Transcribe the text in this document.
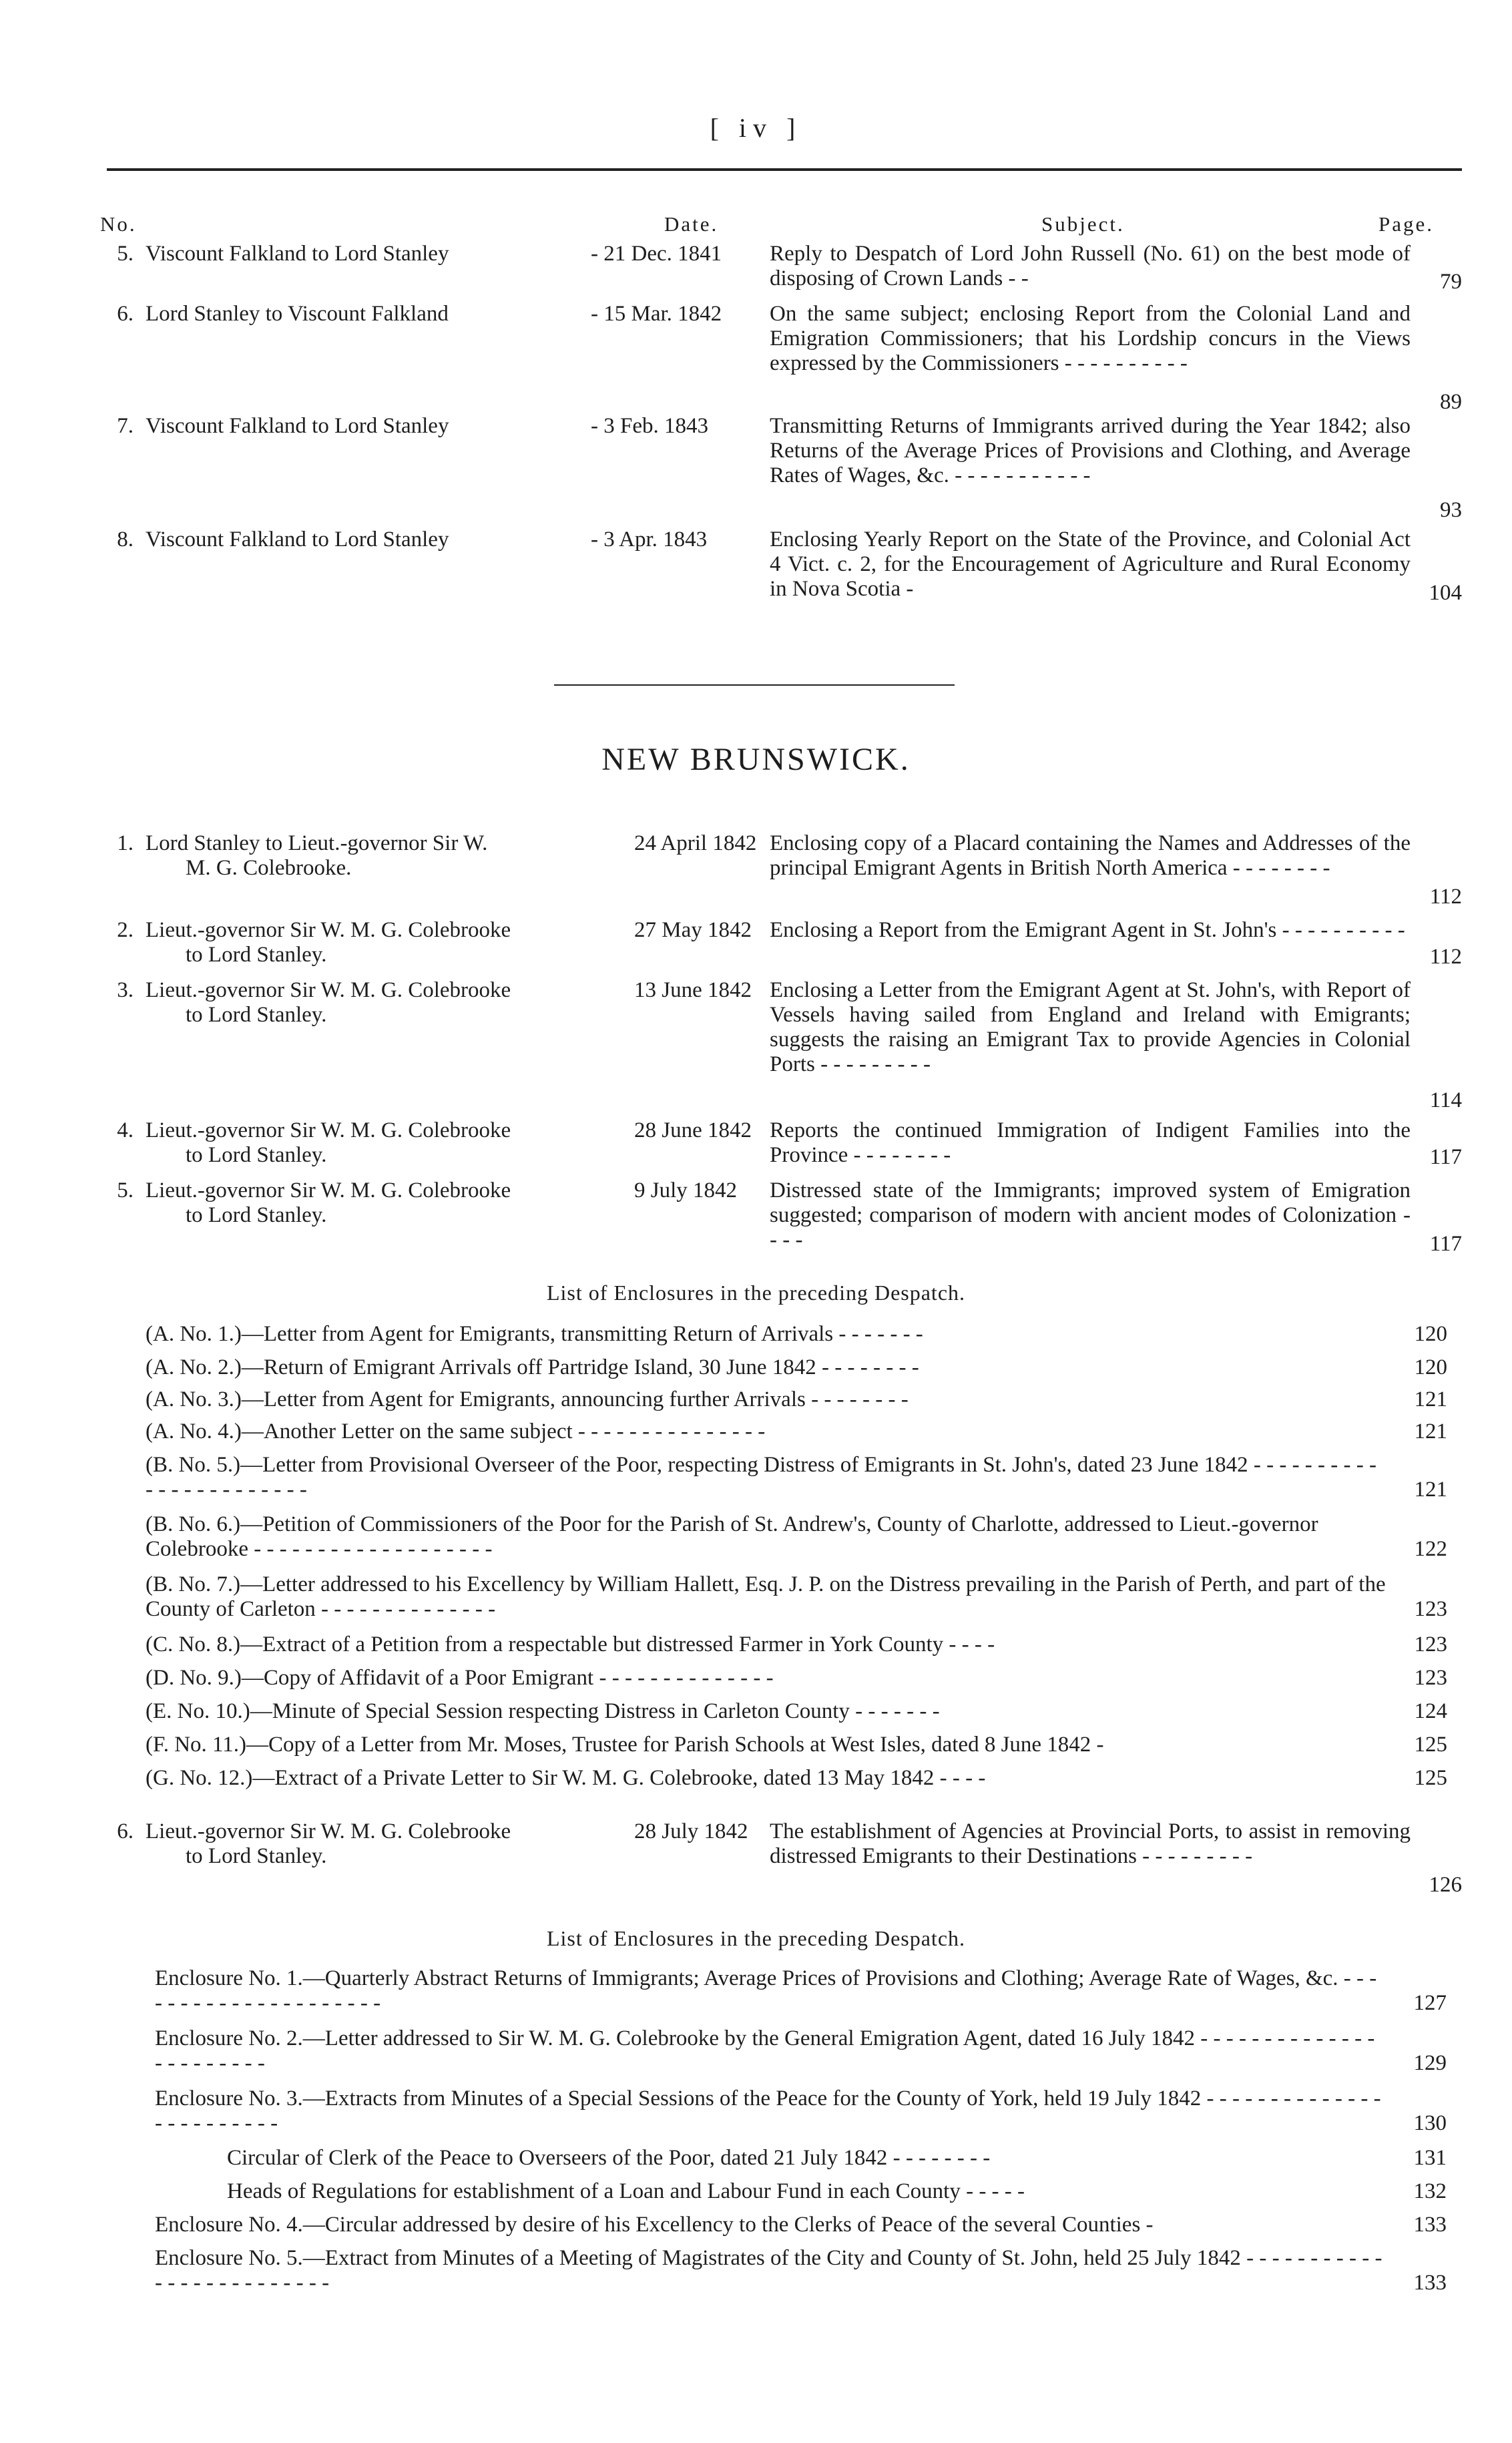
[ iv ]
No.	Date.	Subject.	Page.
5. Viscount Falkland to Lord Stanley	- 21 Dec. 1841	Reply to Despatch of Lord John Russell (No. 61) on the best mode of disposing of Crown Lands - -	79
6. Lord Stanley to Viscount Falkland	- 15 Mar. 1842	On the same subject; enclosing Report from the Colonial Land and Emigration Commissioners; that his Lordship concurs in the Views expressed by the Commissioners - - - - - - - - - -
89
7. Viscount Falkland to Lord Stanley	- 3 Feb. 1843	Transmitting Returns of Immigrants arrived during the Year 1842; also Returns of the Average Prices of Provisions and Clothing, and Average Rates of Wages, &c. - - - - - - - - - - -
93
8. Viscount Falkland to Lord Stanley	- 3 Apr. 1843	Enclosing Yearly Report on the State of the Province, and Colonial Act 4 Vict. c. 2, for the Encouragement of Agriculture and Rural Economy in Nova Scotia -	104
NEW BRUNSWICK.
1. Lord Stanley to Lieut.-governor Sir W.
M. G. Colebrooke.
24 April 1842 Enclosing copy of a Placard containing the Names and Addresses of the principal Emigrant Agents in British North America - - - - - - - -
112
2. Lieut.-governor Sir W. M. G. Colebrooke
to Lord Stanley.
27 May 1842 Enclosing a Report from the Emigrant Agent in St. John's - - - - - - - - - -
112
3. Lieut.-governor Sir W. M. G. Colebrooke
to Lord Stanley.
13 June 1842 Enclosing a Letter from the Emigrant Agent at St. John's, with Report of Vessels having sailed from England and Ireland with Emigrants; suggests the raising an Emigrant Tax to provide Agencies in Colonial Ports - - - - - - - - -
114
4. Lieut.-governor Sir W. M. G. Colebrooke
to Lord Stanley.
28 June 1842 Reports the continued Immigration of Indigent Families into the Province - - - - - - - -	117
5. Lieut.-governor Sir W. M. G. Colebrooke
to Lord Stanley.
9 July 1842	Distressed state of the Immigrants; improved system of Emigration suggested; comparison of modern with ancient modes of Colonization - - - -	117
List of Enclosures in the preceding Despatch.
(A. No. 1.)—Letter from Agent for Emigrants, transmitting Return of Arrivals - - - - - - -	120
(A. No. 2.)—Return of Emigrant Arrivals off Partridge Island, 30 June 1842 - - - - - - - -	120
(A. No. 3.)—Letter from Agent for Emigrants, announcing further Arrivals - - - - - - - -	121
(A. No. 4.)—Another Letter on the same subject - - - - - - - - - - - - - - -	121
(B. No. 5.)—Letter from Provisional Overseer of the Poor, respecting Distress of Emigrants in St. John's, dated 23 June 1842 - - - - - - - - - - - - - - - - - - - - - - -	121
(B. No. 6.)—Petition of Commissioners of the Poor for the Parish of St. Andrew's, County of Charlotte, addressed to Lieut.-governor Colebrooke - - - - - - - - - - - - - - - - - - -	122
(B. No. 7.)—Letter addressed to his Excellency by William Hallett, Esq. J. P. on the Distress prevailing in the Parish of Perth, and part of the County of Carleton - - - - - - - - - - - - - -	123
(C. No. 8.)—Extract of a Petition from a respectable but distressed Farmer in York County - - - -	123
(D. No. 9.)—Copy of Affidavit of a Poor Emigrant - - - - - - - - - - - - - -	123
(E. No. 10.)—Minute of Special Session respecting Distress in Carleton County - - - - - - -	124
(F. No. 11.)—Copy of a Letter from Mr. Moses, Trustee for Parish Schools at West Isles, dated 8 June 1842 -	125
(G. No. 12.)—Extract of a Private Letter to Sir W. M. G. Colebrooke, dated 13 May 1842 - - - -	125
6. Lieut.-governor Sir W. M. G. Colebrooke
to Lord Stanley.
28 July 1842 The establishment of Agencies at Provincial Ports, to assist in removing distressed Emigrants to their Destinations - - - - - - - - -
126
List of Enclosures in the preceding Despatch.
Enclosure No. 1.—Quarterly Abstract Returns of Immigrants; Average Prices of Provisions and Clothing; Average Rate of Wages, &c. - - - - - - - - - - - - - - - - - - - - -	127
Enclosure No. 2.—Letter addressed to Sir W. M. G. Colebrooke by the General Emigration Agent, dated 16 July 1842 - - - - - - - - - - - - - - - - - - - - - - -	129
Enclosure No. 3.—Extracts from Minutes of a Special Sessions of the Peace for the County of York, held 19 July 1842 - - - - - - - - - - - - - - - - - - - - - - - -	130
Circular of Clerk of the Peace to Overseers of the Poor, dated 21 July 1842 - - - - - - - -	131
Heads of Regulations for establishment of a Loan and Labour Fund in each County - - - - -	132
Enclosure No. 4.—Circular addressed by desire of his Excellency to the Clerks of Peace of the several Counties -	133
Enclosure No. 5.—Extract from Minutes of a Meeting of Magistrates of the City and County of St. John, held 25 July 1842 - - - - - - - - - - - - - - - - - - - - - - - - -	133
